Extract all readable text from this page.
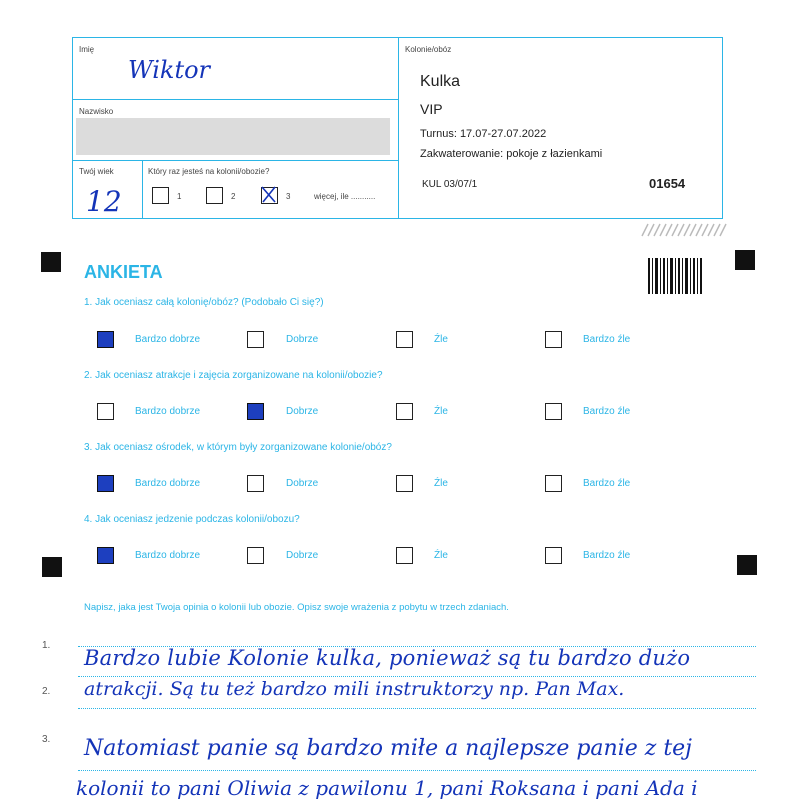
Imię
Wiktor
Nazwisko
Twój wiek
12
Który raz jesteś na kolonii/obozie?
1	2	3	więcej, ile ...........
Kolonie/obóz
Kulka
VIP
Turnus: 17.07-27.07.2022
Zakwaterowanie: pokoje z łazienkami
KUL 03/07/1	01654
ANKIETA
1. Jak oceniasz całą kolonię/obóz? (Podobało Ci się?)
Bardzo dobrze	Dobrze	Źle	Bardzo źle
2. Jak oceniasz atrakcje i zajęcia zorganizowane na kolonii/obozie?
Bardzo dobrze	Dobrze	Źle	Bardzo źle
3. Jak oceniasz ośrodek, w którym były zorganizowane kolonie/obóz?
Bardzo dobrze	Dobrze	Źle	Bardzo źle
4. Jak oceniasz jedzenie podczas kolonii/obozu?
Bardzo dobrze	Dobrze	Źle	Bardzo źle
Napisz, jaka jest Twoja opinia o kolonii lub obozie. Opisz swoje wrażenia z pobytu w trzech zdaniach.
1.
2.
3.
Bardzo lubie Kolonie kulka, ponieważ są tu bardzo dużo
atrakcji. Są tu też bardzo mili instruktorzy np. Pan Max.
Natomiast panie są bardzo miłe a najlepsze panie z tej
kolonii to pani Oliwia z pawilonu 1, pani Roksana i pani Ada i
